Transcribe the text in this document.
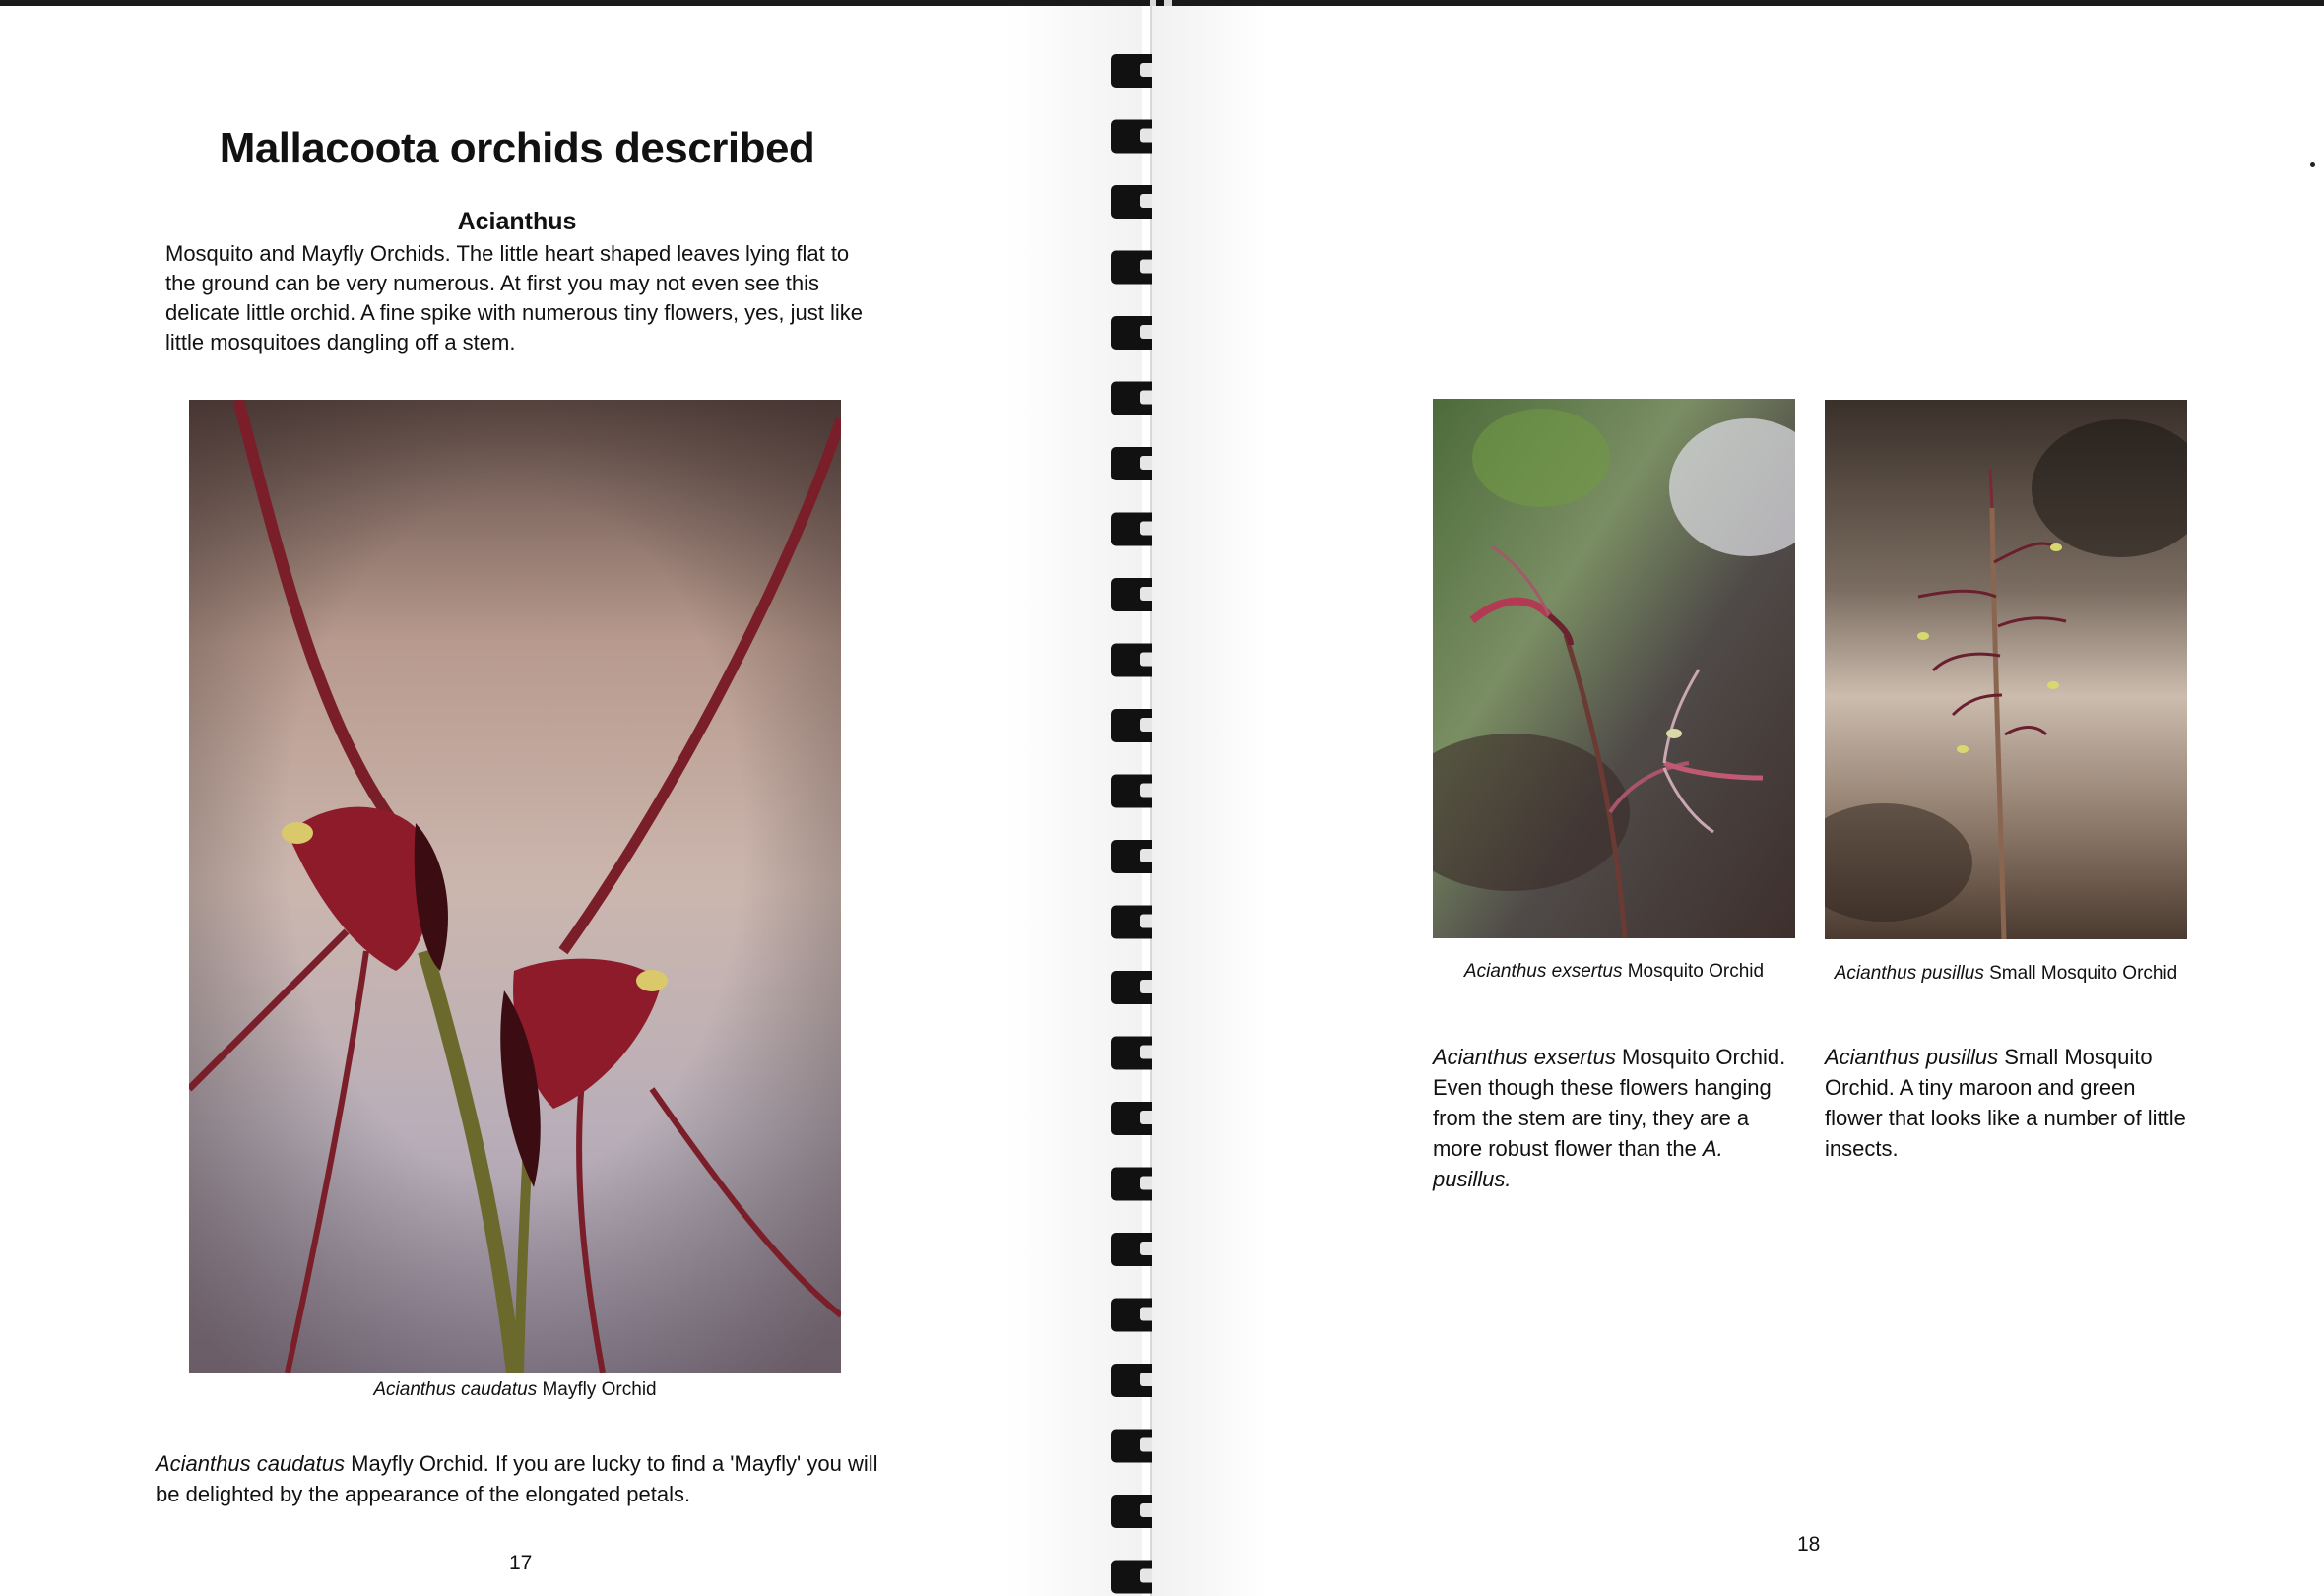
Mallacoota orchids described
Acianthus
Mosquito and Mayfly Orchids. The little heart shaped leaves lying flat to the ground can be very numerous. At first you may not even see this delicate little orchid. A fine spike with numerous tiny flowers, yes, just like little mosquitoes dangling off a stem.
Acianthus caudatus Mayfly Orchid
Acianthus caudatus Mayfly Orchid. If you are lucky to find a 'Mayfly' you will be delighted by the appearance of the elongated petals.
17
Acianthus exsertus Mosquito Orchid	Acianthus pusillus Small Mosquito Orchid
Acianthus exsertus Mosquito Orchid. Even though these flowers hanging from the stem are tiny, they are a more robust flower than the A. pusillus.
Acianthus pusillus Small Mosquito Orchid. A tiny maroon and green flower that looks like a number of little insects.
18
